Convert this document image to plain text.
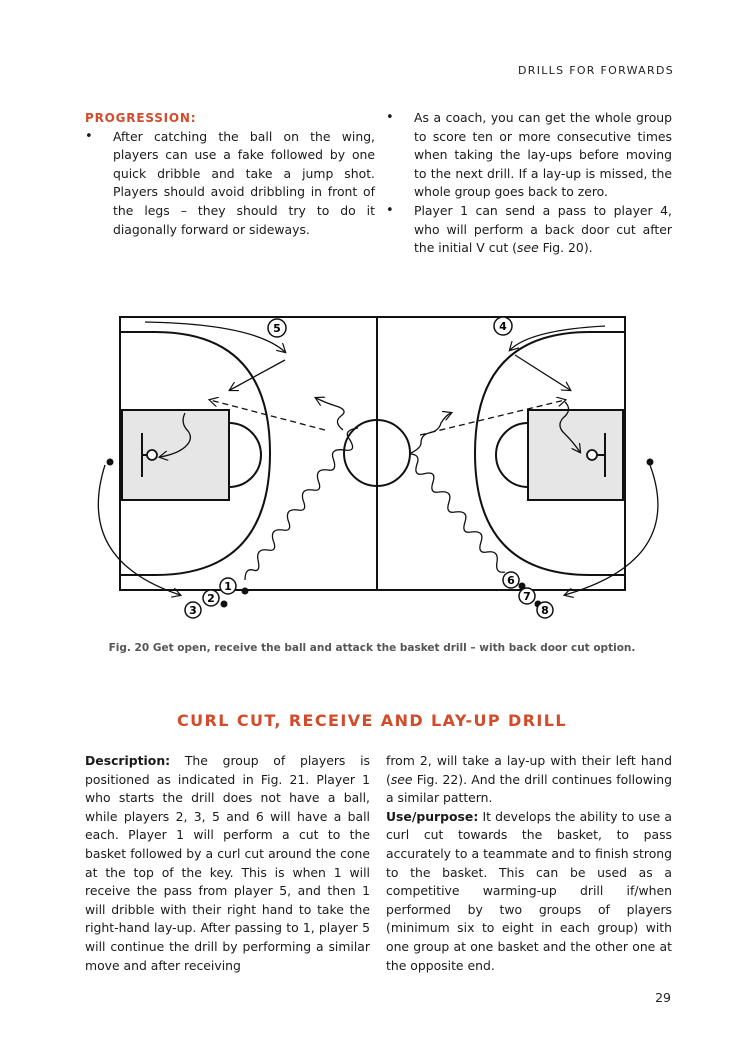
DRILLS FOR FORWARDS
PROGRESSION:
• After catching the ball on the wing, players can use a fake followed by one quick dribble and take a jump shot. Players should avoid dribbling in front of the legs – they should try to do it diagonally forward or sideways.
• As a coach, you can get the whole group to score ten or more consecutive times when taking the lay-ups before moving to the next drill. If a lay-up is missed, the whole group goes back to zero.
• Player 1 can send a pass to player 4, who will perform a back door cut after the initial V cut (see Fig. 20).
1
2
3
4
5
6
7
8
Fig. 20 Get open, receive the ball and attack the basket drill – with back door cut option.
CURL CUT, RECEIVE AND LAY-UP DRILL
Description: The group of players is positioned as indicated in Fig. 21. Player 1 who starts the drill does not have a ball, while players 2, 3, 5 and 6 will have a ball each. Player 1 will perform a cut to the basket followed by a curl cut around the cone at the top of the key. This is when 1 will receive the pass from player 5, and then 1 will dribble with their right hand to take the right-hand lay-up. After passing to 1, player 5 will continue the drill by performing a similar move and after receiving
from 2, will take a lay-up with their left hand (see Fig. 22). And the drill continues following a similar pattern.
Use/purpose: It develops the ability to use a curl cut towards the basket, to pass accurately to a teammate and to finish strong to the basket. This can be used as a competitive warming-up drill if/when performed by two groups of players (minimum six to eight in each group) with one group at one basket and the other one at the opposite end.
29
